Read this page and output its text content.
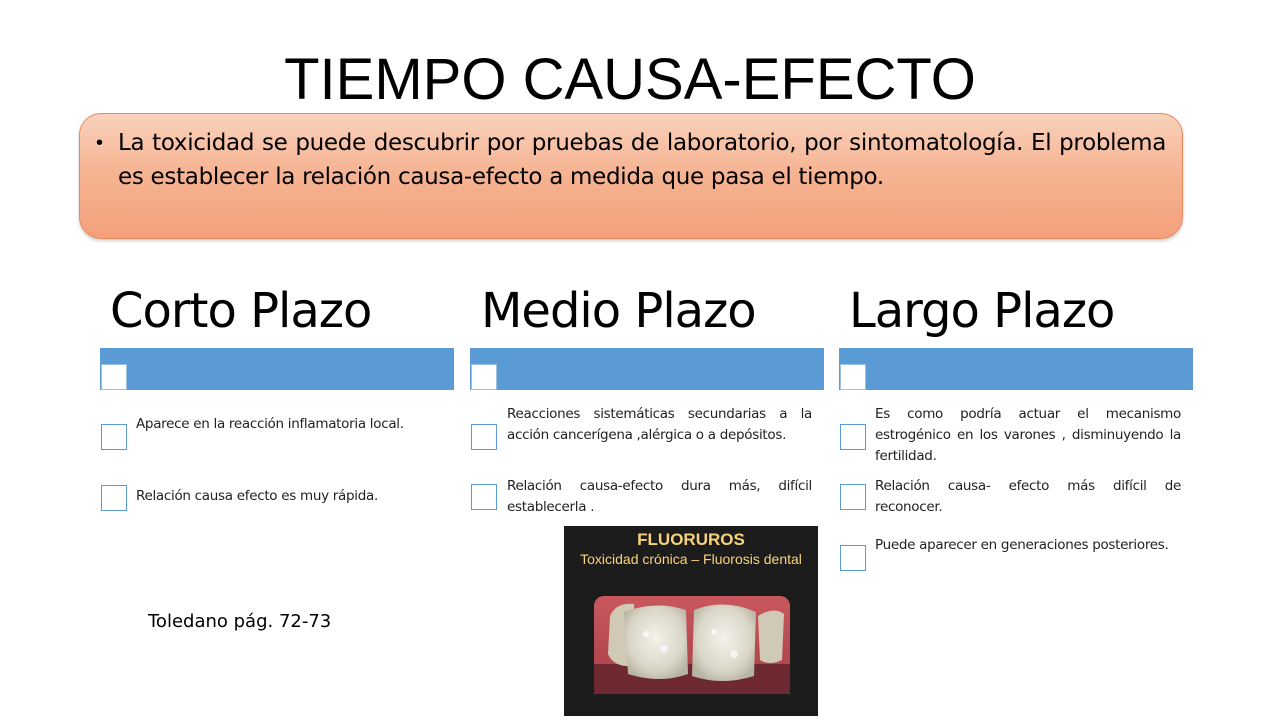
TIEMPO CAUSA-EFECTO
• La toxicidad se puede descubrir por pruebas de laboratorio, por sintomatología. El problema es establecer la relación causa-efecto a medida que pasa el tiempo.
Corto Plazo
Aparece en la reacción inflamatoria local.
Relación causa efecto es muy rápida.
Medio Plazo
Reacciones sistemáticas secundarias a la acción cancerígena ,alérgica o a depósitos.
Relación causa-efecto dura más, difícil establecerla .
Largo Plazo
Es como podría actuar el mecanismo estrogénico en los varones , disminuyendo la fertilidad.
Relación causa- efecto más difícil de reconocer.
Puede aparecer en generaciones posteriores.
Toledano pág. 72-73
FLUORUROS
Toxicidad crónica – Fluorosis dental
